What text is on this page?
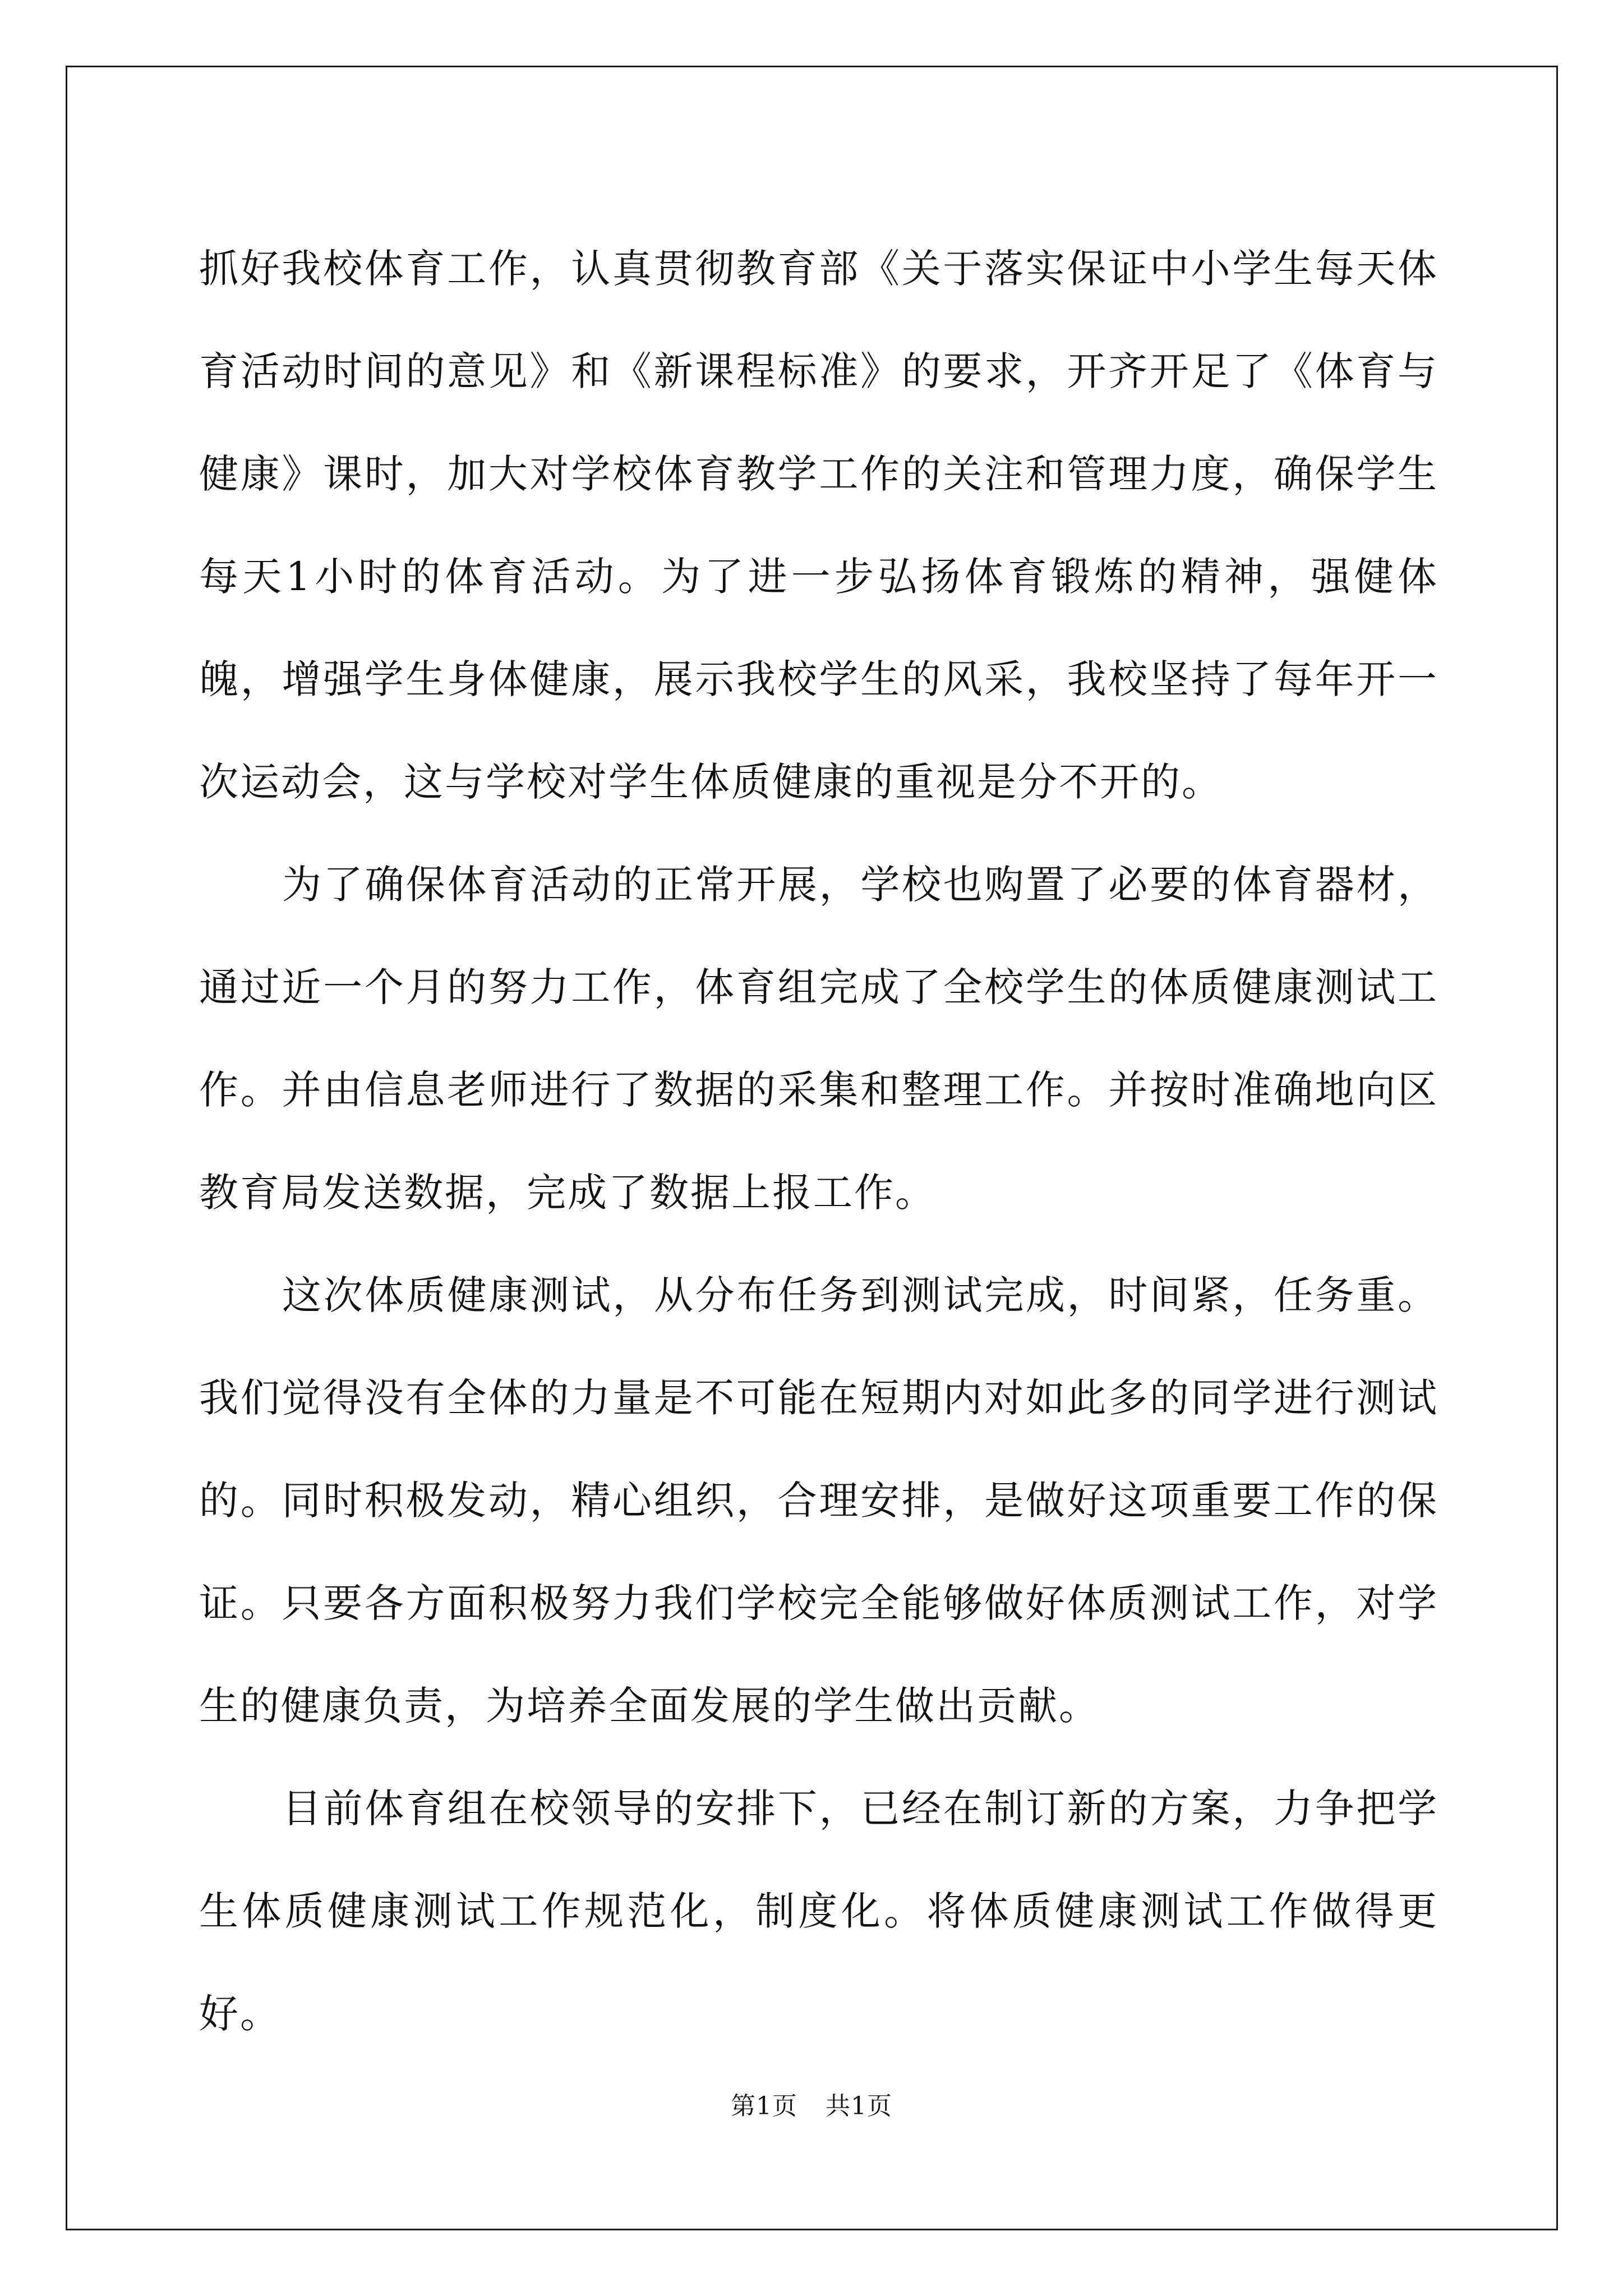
抓好我校体育工作，认真贯彻教育部《关于落实保证中小学生每天体育活动时间的意见》和《新课程标准》的要求，开齐开足了《体育与健康》课时，加大对学校体育教学工作的关注和管理力度，确保学生每天1小时的体育活动。为了进一步弘扬体育锻炼的精神，强健体魄，增强学生身体健康，展示我校学生的风采，我校坚持了每年开一次运动会，这与学校对学生体质健康的重视是分不开的。

为了确保体育活动的正常开展，学校也购置了必要的体育器材，通过近一个月的努力工作，体育组完成了全校学生的体质健康测试工作。并由信息老师进行了数据的采集和整理工作。并按时准确地向区教育局发送数据，完成了数据上报工作。

这次体质健康测试，从分布任务到测试完成，时间紧，任务重。我们觉得没有全体的力量是不可能在短期内对如此多的同学进行测试的。同时积极发动，精心组织，合理安排，是做好这项重要工作的保证。只要各方面积极努力我们学校完全能够做好体质测试工作，对学生的健康负责，为培养全面发展的学生做出贡献。

目前体育组在校领导的安排下，已经在制订新的方案，力争把学生体质健康测试工作规范化，制度化。将体质健康测试工作做得更好。

第1页 共1页
